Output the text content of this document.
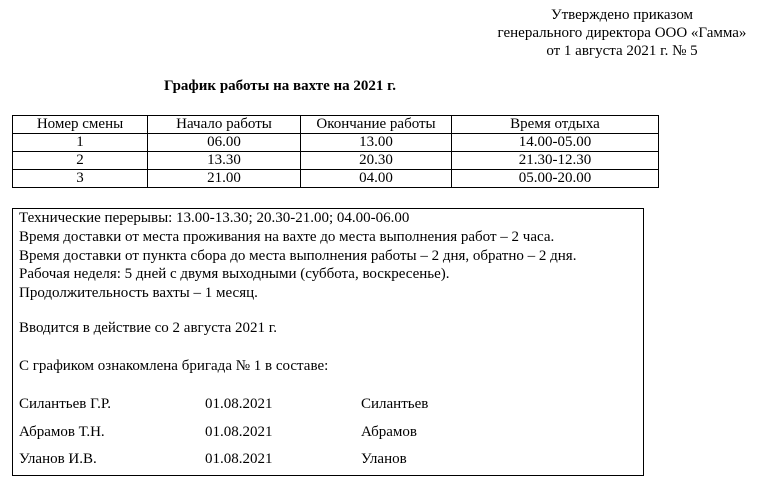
Утверждено приказом
генерального директора ООО «Гамма»
от 1 августа 2021 г. № 5
График работы на вахте на 2021 г.
Номер смены	Начало работы	Окончание работы	Время отдыха
1	06.00	13.00	14.00-05.00
2	13.30	20.30	21.30-12.30
3	21.00	04.00	05.00-20.00
Технические перерывы: 13.00-13.30; 20.30-21.00; 04.00-06.00
Время доставки от места проживания на вахте до места выполнения работ – 2 часа.
Время доставки от пункта сбора до места выполнения работы – 2 дня, обратно – 2 дня.
Рабочая неделя: 5 дней с двумя выходными (суббота, воскресенье).
Продолжительность вахты – 1 месяц.
Вводится в действие со 2 августа 2021 г.
С графиком ознакомлена бригада № 1 в составе:
Силантьев Г.Р.	01.08.2021	Силантьев
Абрамов Т.Н.	01.08.2021	Абрамов
Уланов И.В.	01.08.2021	Уланов
